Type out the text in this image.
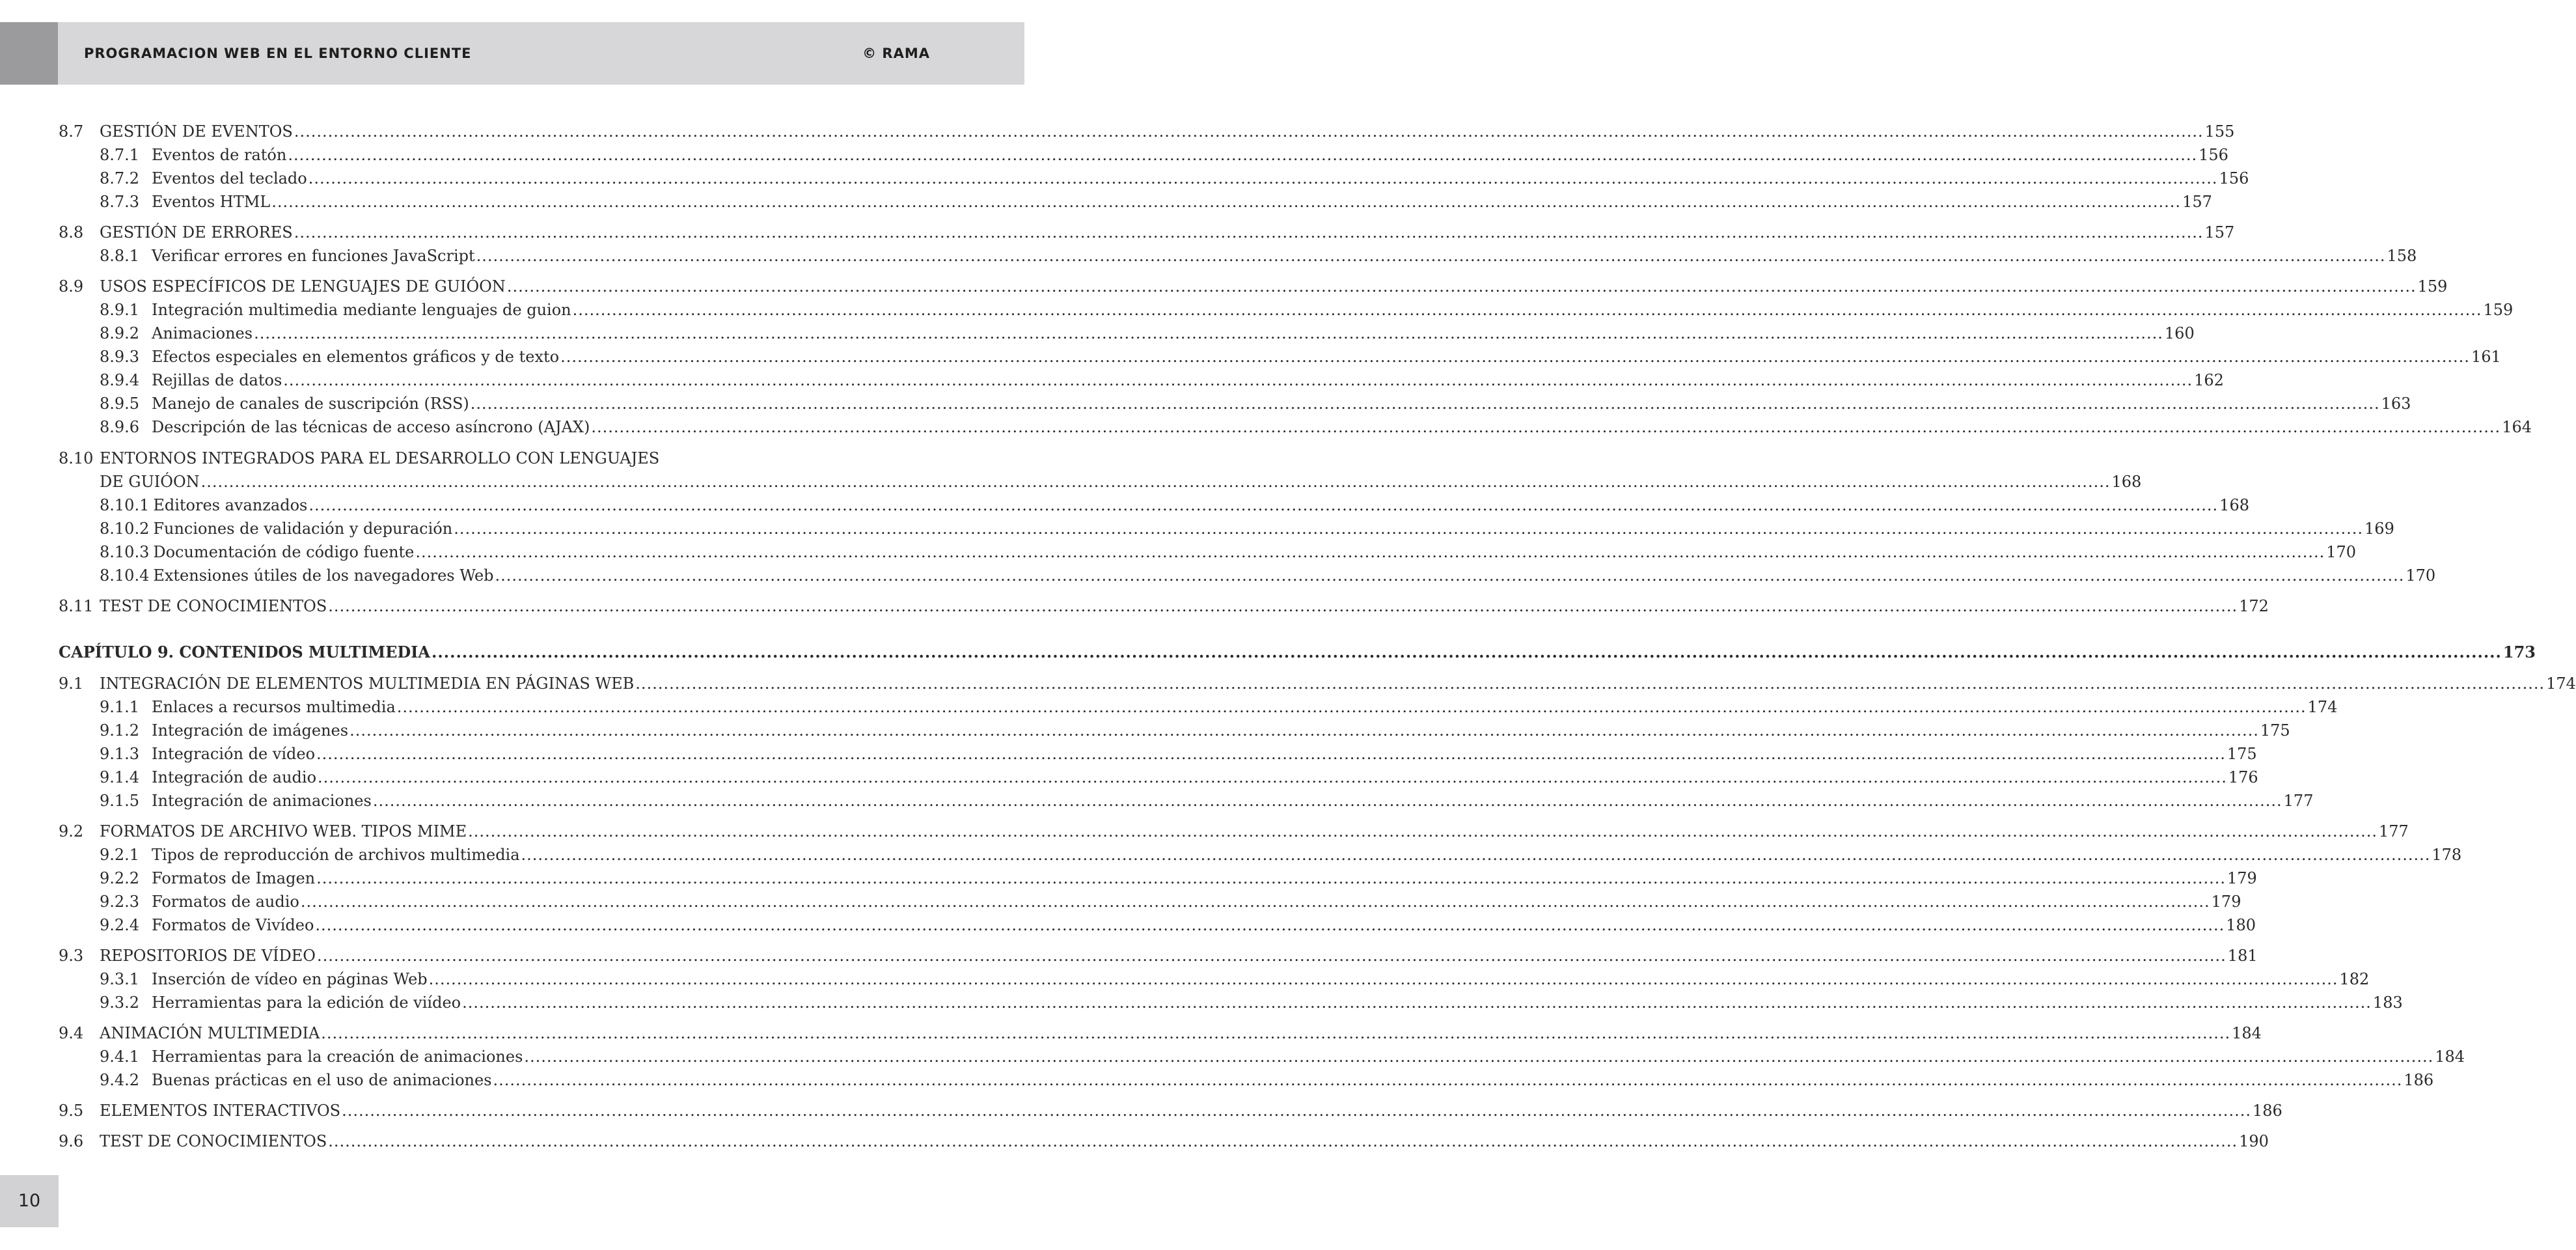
PROGRAMACION WEB EN EL ENTORNO CLIENTE	© RAMA
8.7	GESTIÓN DE EVENTOS .....	155
8.7.1 Eventos de ratón .....	156
8.7.2 Eventos del teclado .....	156
8.7.3 Eventos HTML .....	157
8.8	GESTIÓN DE ERRORES .....	157
8.8.1 Verificar errores en funciones JavaScript .....	158
8.9	USOS ESPECÍFICOS DE LENGUAJES DE GUIÓON .....	159
8.9.1 Integración multimedia mediante lenguajes de guion .....	159
8.9.2 Animaciones .....	160
8.9.3 Efectos especiales en elementos gráficos y de texto .....	161
8.9.4 Rejillas de datos .....	162
8.9.5 Manejo de canales de suscripción (RSS) .....	163
8.9.6 Descripción de las técnicas de acceso asíncrono (AJAX) .....	164
8.10 ENTORNOS INTEGRADOS PARA EL DESARROLLO CON LENGUAJES
DE GUIÓON .....	168
8.10.1 Editores avanzados .....	168
8.10.2 Funciones de validación y depuración .....	169
8.10.3 Documentación de código fuente .....	170
8.10.4 Extensiones útiles de los navegadores Web .....	170
8.11 TEST DE CONOCIMIENTOS .....	172
CAPÍTULO 9. CONTENIDOS MULTIMEDIA .....	173
9.1	INTEGRACIÓN DE ELEMENTOS MULTIMEDIA EN PÁGINAS WEB .....	174
9.1.1 Enlaces a recursos multimedia .....	174
9.1.2 Integración de imágenes .....	175
9.1.3 Integración de vídeo .....	175
9.1.4 Integración de audio .....	176
9.1.5 Integración de animaciones .....	177
9.2	FORMATOS DE ARCHIVO WEB. TIPOS MIME .....	177
9.2.1 Tipos de reproducción de archivos multimedia .....	178
9.2.2 Formatos de Imagen .....	179
9.2.3 Formatos de audio .....	179
9.2.4 Formatos de Vivídeo .....	180
9.3	REPOSITORIOS DE VÍDEO .....	181
9.3.1 Inserción de vídeo en páginas Web .....	182
9.3.2 Herramientas para la edición de viídeo .....	183
9.4	ANIMACIÓN MULTIMEDIA .....	184
9.4.1 Herramientas para la creación de animaciones .....	184
9.4.2 Buenas prácticas en el uso de animaciones .....	186
9.5	ELEMENTOS INTERACTIVOS .....	186
9.6	TEST DE CONOCIMIENTOS .....	190
10
